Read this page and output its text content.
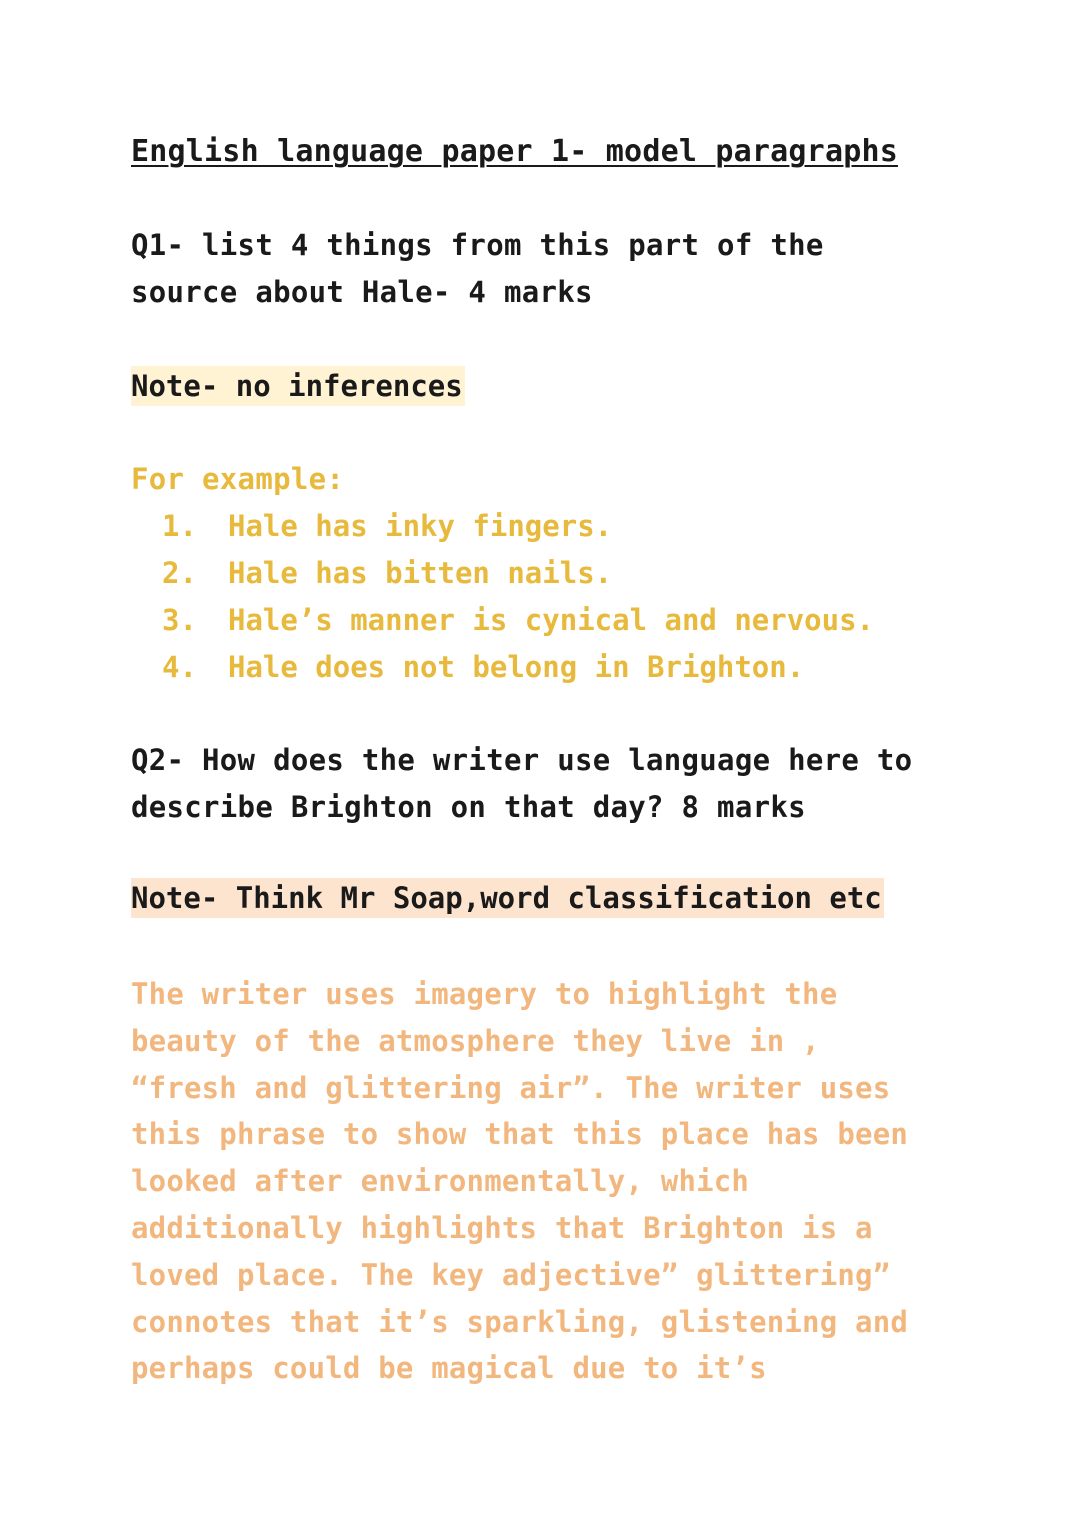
English language paper 1- model paragraphs
Q1- list 4 things from this part of the
source about Hale- 4 marks
Note- no inferences
For example:
1. Hale has inky fingers.
2. Hale has bitten nails.
3. Hale’s manner is cynical and nervous.
4. Hale does not belong in Brighton.
Q2- How does the writer use language here to
describe Brighton on that day? 8 marks
Note- Think Mr Soap,word classification etc
The writer uses imagery to highlight the
beauty of the atmosphere they live in ,
“fresh and glittering air”. The writer uses
this phrase to show that this place has been
looked after environmentally, which
additionally highlights that Brighton is a
loved place. The key adjective” glittering”
connotes that it’s sparkling, glistening and
perhaps could be magical due to it’s
